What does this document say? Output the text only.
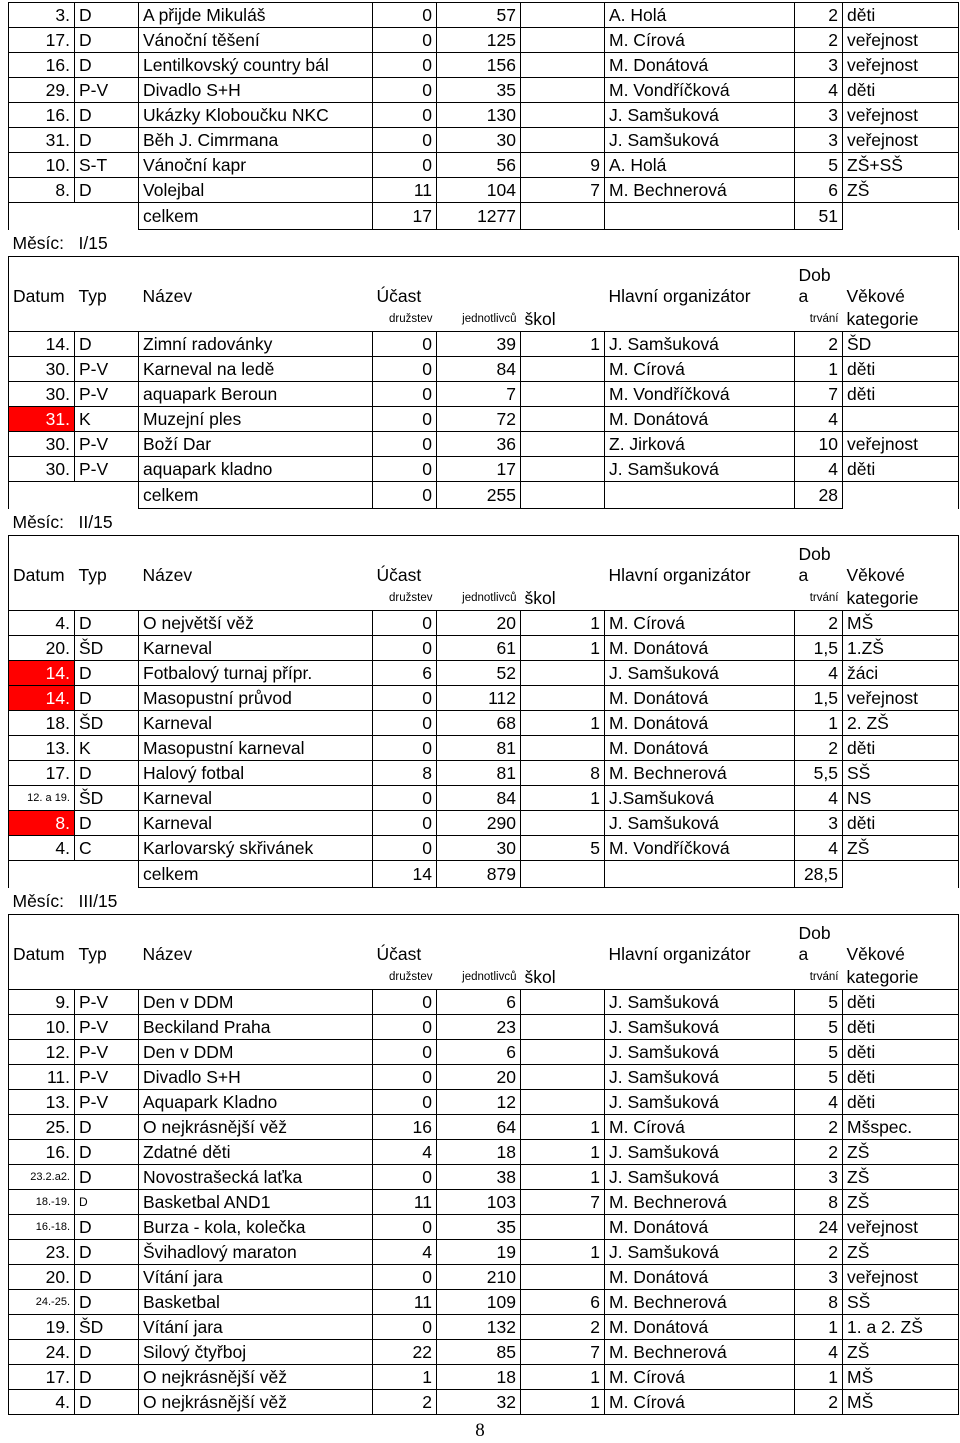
3.	D	A přijde Mikuláš	0	57		A. Holá	2	děti
17.	D	Vánoční těšení	0	125		M. Círová	2	veřejnost
16.	D	Lentilkovský country bál	0	156		M. Donátová	3	veřejnost
29.	P-V	Divadlo S+H	0	35		M. Vondříčková	4	děti
16.	D	Ukázky Kloboučku NKC	0	130		J. Samšuková	3	veřejnost
31.	D	Běh J. Cimrmana	0	30		J. Samšuková	3	veřejnost
10.	S-T	Vánoční kapr	0	56	9	A. Holá	5	ZŠ+SŠ
8.	D	Volejbal	11	104	7	M. Bechnerová	6	ZŠ
		celkem	17	1277			51	
Měsíc:	I/15							
Datum	Typ	Název	Účast			Hlavní organizátor	Dob
a	Věkové
			družstev	jednotlivců	škol		trvání	kategorie
14.	D	Zimní radovánky	0	39	1	J. Samšuková	2	ŠD
30.	P-V	Karneval na ledě	0	84		M. Círová	1	děti
30.	P-V	aquapark Beroun	0	7		M. Vondříčková	7	děti
31.	K	Muzejní ples	0	72		M. Donátová	4	
30.	P-V	Boží Dar	0	36		Z. Jirková	10	veřejnost
30.	P-V	aquapark kladno	0	17		J. Samšuková	4	děti
		celkem	0	255			28	
Měsíc:	II/15							
Datum	Typ	Název	Účast			Hlavní organizátor	Dob
a	Věkové
			družstev	jednotlivců	škol		trvání	kategorie
4.	D	O největší věž	0	20	1	M. Círová	2	MŠ
20.	ŠD	Karneval	0	61	1	M. Donátová	1,5	1.ZŠ
14.	D	Fotbalový turnaj přípr.	6	52		J. Samšuková	4	žáci
14.	D	Masopustní průvod	0	112		M. Donátová	1,5	veřejnost
18.	ŠD	Karneval	0	68	1	M. Donátová	1	2. ZŠ
13.	K	Masopustní karneval	0	81		M. Donátová	2	děti
17.	D	Halový fotbal	8	81	8	M. Bechnerová	5,5	SŠ
12. a 19.	ŠD	Karneval	0	84	1	J.Samšuková	4	NS
8.	D	Karneval	0	290		J. Samšuková	3	děti
4.	C	Karlovarský skřivánek	0	30	5	M. Vondříčková	4	ZŠ
		celkem	14	879			28,5	
Měsíc:	III/15							
Datum	Typ	Název	Účast			Hlavní organizátor	Dob
a	Věkové
			družstev	jednotlivců	škol		trvání	kategorie
9.	P-V	Den v DDM	0	6		J. Samšuková	5	děti
10.	P-V	Beckiland Praha	0	23		J. Samšuková	5	děti
12.	P-V	Den v DDM	0	6		J. Samšuková	5	děti
11.	P-V	Divadlo S+H	0	20		J. Samšuková	5	děti
13.	P-V	Aquapark Kladno	0	12		J. Samšuková	4	děti
25.	D	O nejkrásnější věž	16	64	1	M. Círová	2	Mšspec.
16.	D	Zdatné děti	4	18	1	J. Samšuková	2	ZŠ
23.2.a2.	D	Novostrašecká laťka	0	38	1	J. Samšuková	3	ZŠ
18.-19.	D	Basketbal AND1	11	103	7	M. Bechnerová	8	ZŠ
16.-18.	D	Burza - kola, kolečka	0	35		M. Donátová	24	veřejnost
23.	D	Švihadlový maraton	4	19	1	J. Samšuková	2	ZŠ
20.	D	Vítání jara	0	210		M. Donátová	3	veřejnost
24.-25.	D	Basketbal	11	109	6	M. Bechnerová	8	SŠ
19.	ŠD	Vítání jara	0	132	2	M. Donátová	1	1. a 2. ZŠ
24.	D	Silový čtyřboj	22	85	7	M. Bechnerová	4	ZŠ
17.	D	O nejkrásnější věž	1	18	1	M. Círová	1	MŠ
4.	D	O nejkrásnější věž	2	32	1	M. Círová	2	MŠ
8
